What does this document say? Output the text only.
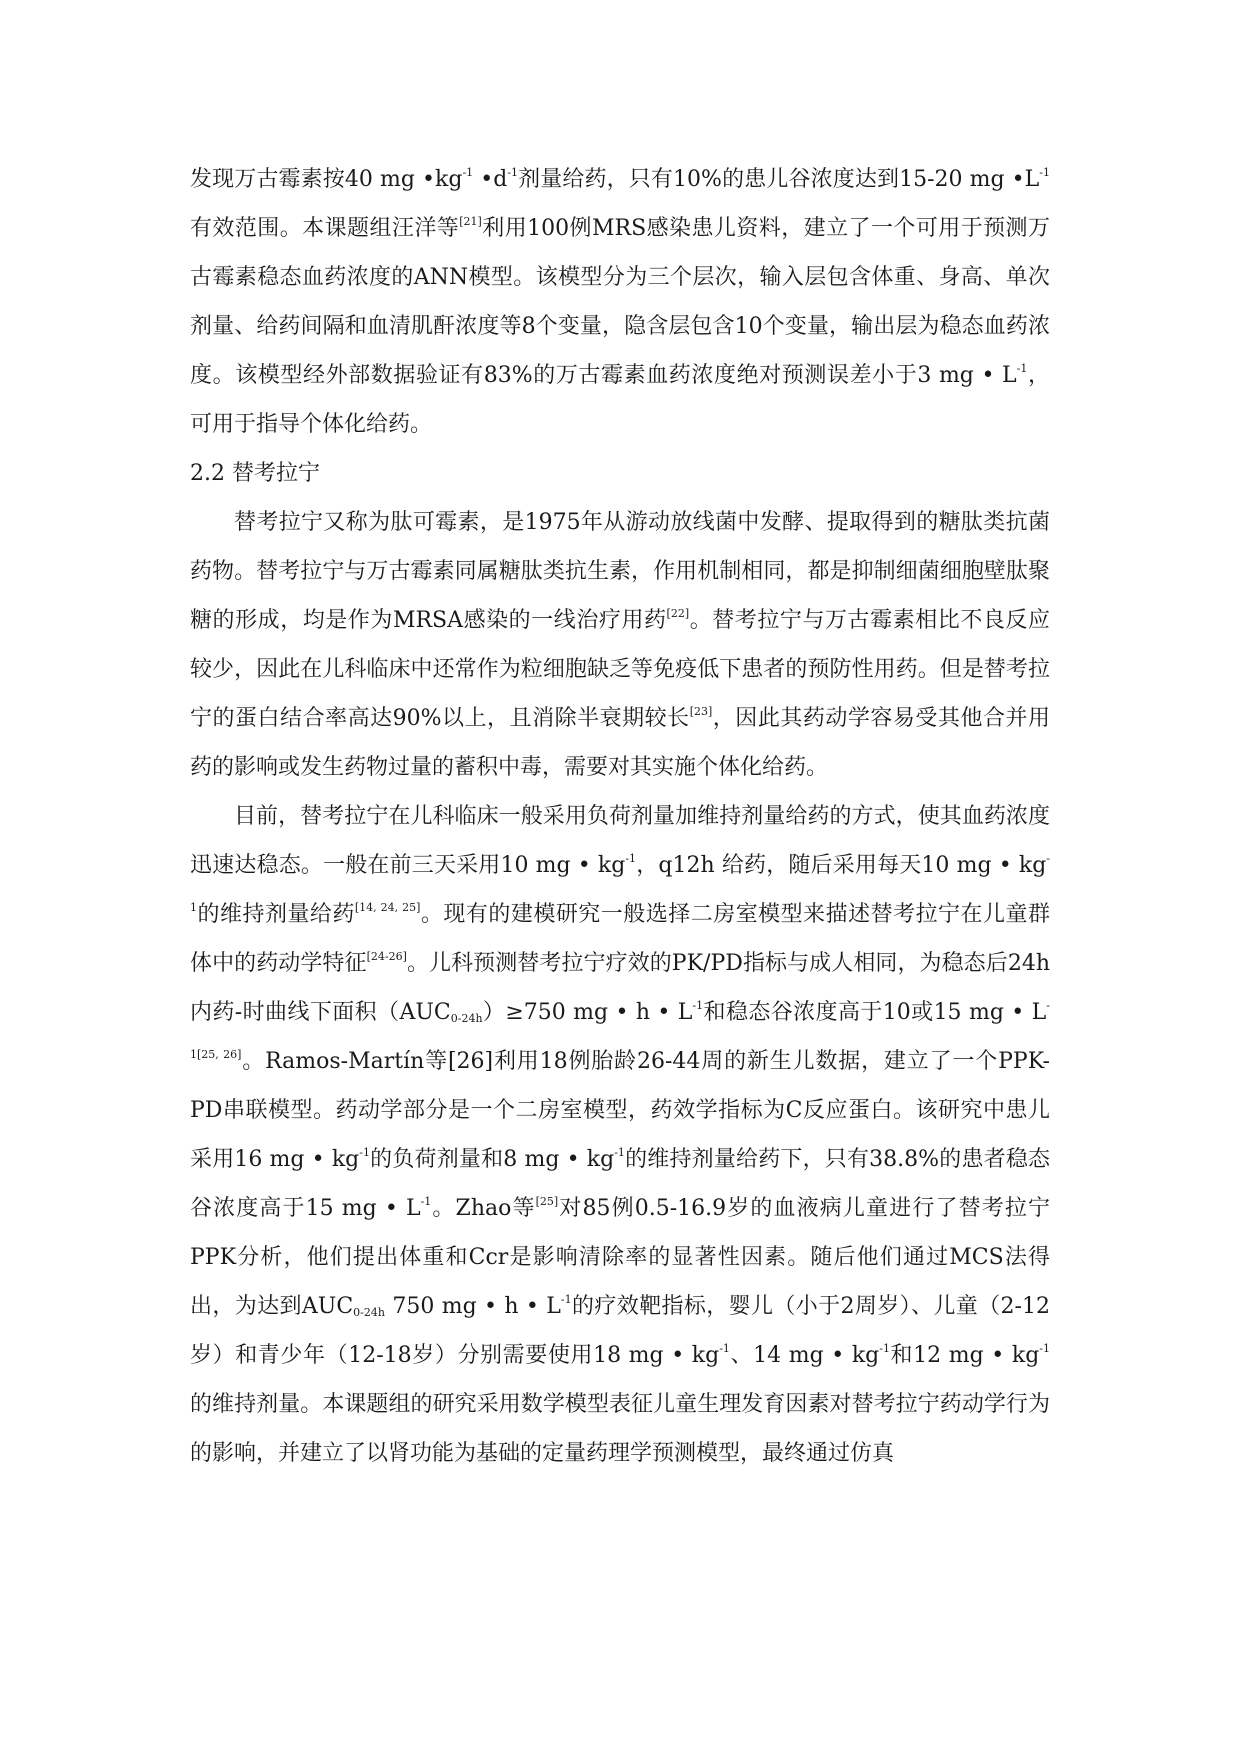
发现万古霉素按40 mg $•kg^{-1}$ $•d^{-1}$剂量给药，只有10%的患儿谷浓度达到15-20 mg $•L^{-1}$有效范围。本课题组汪洋等[21]利用100例MRS感染患儿资料，建立了一个可用于预测万古霉素稳态血药浓度的ANN模型。该模型分为三个层次，输入层包含体重、身高、单次剂量、给药间隔和血清肌酐浓度等8个变量，隐含层包含10个变量，输出层为稳态血药浓度。该模型经外部数据验证有83%的万古霉素血药浓度绝对预测误差小于3 mg • $L^{-1}$，可用于指导个体化给药。

2.2 替考拉宁

替考拉宁又称为肽可霉素，是1975年从游动放线菌中发酵、提取得到的糖肽类抗菌药物。替考拉宁与万古霉素同属糖肽类抗生素，作用机制相同，都是抑制细菌细胞壁肽聚糖的形成，均是作为MRSA感染的一线治疗用药[22]。替考拉宁与万古霉素相比不良反应较少，因此在儿科临床中还常作为粒细胞缺乏等免疫低下患者的预防性用药。但是替考拉宁的蛋白结合率高达90%以上，且消除半衰期较长[23]，因此其药动学容易受其他合并用药的影响或发生药物过量的蓄积中毒，需要对其实施个体化给药。

目前，替考拉宁在儿科临床一般采用负荷剂量加维持剂量给药的方式，使其血药浓度迅速达稳态。一般在前三天采用10 mg • $kg^{-1}$，q12h 给药，随后采用每天10 mg • $kg^{-1}$的维持剂量给药[14, 24, 25]。现有的建模研究一般选择二房室模型来描述替考拉宁在儿童群体中的药动学特征[24-26]。儿科预测替考拉宁疗效的PK/PD指标与成人相同，为稳态后24h内药-时曲线下面积$(AUC_{0-24h})\ge 750$ mg • h • $L^{-1}$和稳态谷浓度高于10或15 mg • $L^{-1[25, 26]}$。Ramos-Martín等[26]利用18例胎龄26-44周的新生儿数据，建立了一个PPK-PD串联模型。药动学部分是一个二房室模型，药效学指标为C反应蛋白。该研究中患儿采用16 mg • $kg^{-1}$的负荷剂量和8 mg • $kg^{-1}$的维持剂量给药下，只有38.8%的患者稳态谷浓度高于15 mg • $L^{-1}$。Zhao等[25]对85例0.5-16.9岁的血液病儿童进行了替考拉宁PPK分析，他们提出体重和Ccr是影响清除率的显著性因素。随后他们通过MCS法得出，为达到$AUC_{0-24h}$ 750 mg • h • $L^{-1}$的疗效靶指标，婴儿（小于2周岁）、儿童（2-12岁）和青少年（12-18岁）分别需要使用18 mg • $kg^{-1}$、14 mg • $kg^{-1}$和12 mg • $kg^{-1}$的维持剂量。本课题组的研究采用数学模型表征儿童生理发育因素对替考拉宁药动学行为的影响，并建立了以肾功能为基础的定量药理学预测模型，最终通过仿真
